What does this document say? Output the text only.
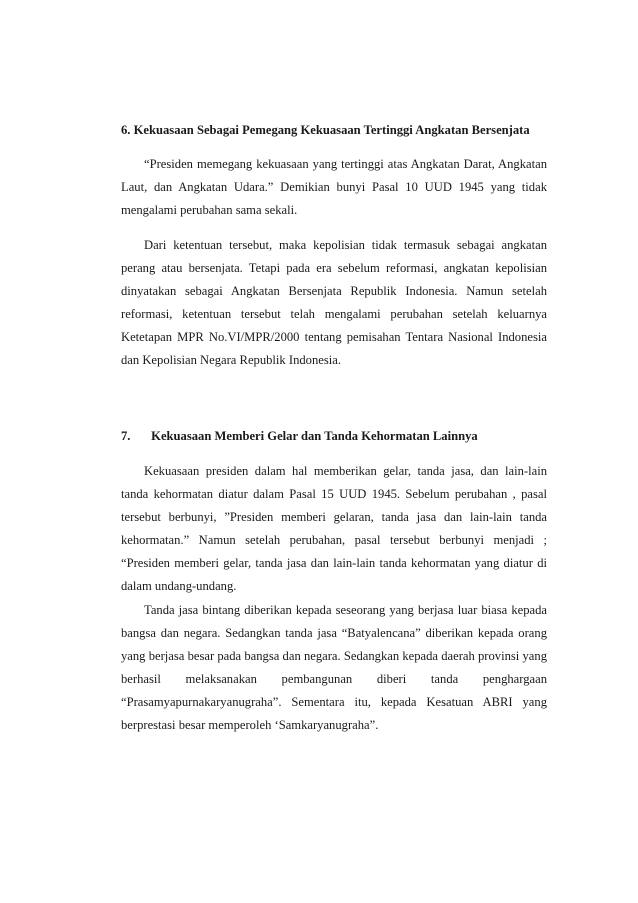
6. Kekuasaan Sebagai Pemegang Kekuasaan Tertinggi Angkatan Bersenjata

“Presiden memegang kekuasaan yang tertinggi atas Angkatan Darat, Angkatan Laut, dan Angkatan Udara.” Demikian bunyi Pasal 10 UUD 1945 yang tidak mengalami perubahan sama sekali.

Dari ketentuan tersebut, maka kepolisian tidak termasuk sebagai angkatan perang atau bersenjata. Tetapi pada era sebelum reformasi, angkatan kepolisian dinyatakan sebagai Angkatan Bersenjata Republik Indonesia. Namun setelah reformasi, ketentuan tersebut telah mengalami perubahan setelah keluarnya Ketetapan MPR No.VI/MPR/2000 tentang pemisahan Tentara Nasional Indonesia dan Kepolisian Negara Republik Indonesia.

7. Kekuasaan Memberi Gelar dan Tanda Kehormatan Lainnya

Kekuasaan presiden dalam hal memberikan gelar, tanda jasa, dan lain-lain tanda kehormatan diatur dalam Pasal 15 UUD 1945. Sebelum perubahan , pasal tersebut berbunyi, ”Presiden memberi gelaran, tanda jasa dan lain-lain tanda kehormatan.” Namun setelah perubahan, pasal tersebut berbunyi menjadi ; “Presiden memberi gelar, tanda jasa dan lain-lain tanda kehormatan yang diatur di dalam undang-undang.

Tanda jasa bintang diberikan kepada seseorang yang berjasa luar biasa kepada bangsa dan negara. Sedangkan tanda jasa “Batyalencana” diberikan kepada orang yang berjasa besar pada bangsa dan negara. Sedangkan kepada daerah provinsi yang berhasil melaksanakan pembangunan diberi tanda penghargaan “Prasamyapurnakaryanugraha”. Sementara itu, kepada Kesatuan ABRI yang berprestasi besar memperoleh ‘Samkaryanugraha”.
